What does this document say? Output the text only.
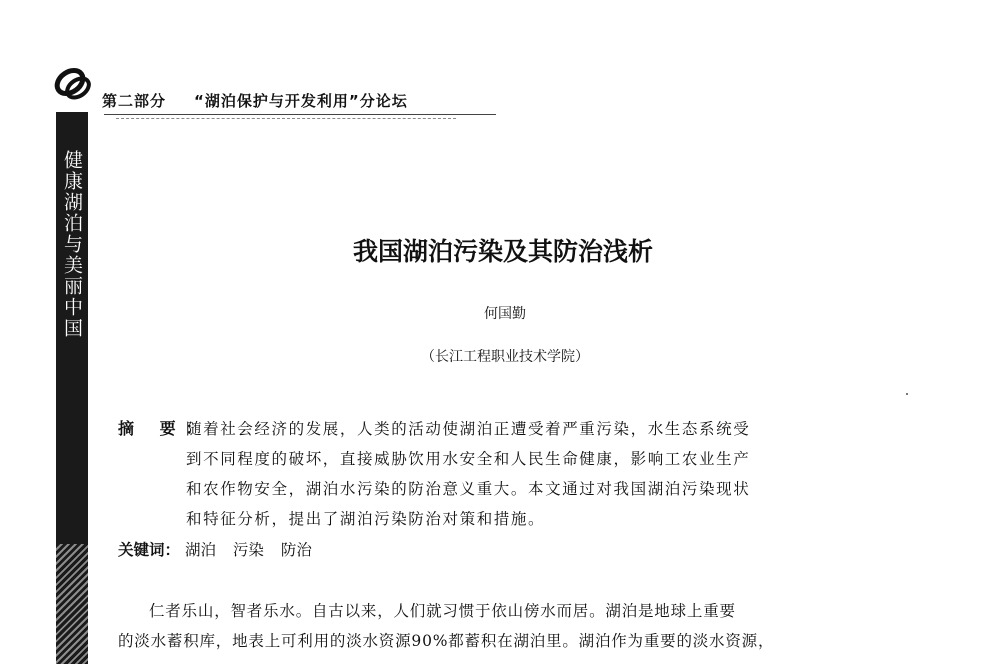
健康湖泊与美丽中国
第二部分 “湖泊保护与开发利用”分论坛
我国湖泊污染及其防治浅析
何国勤
（长江工程职业技术学院）
摘 要：
随着社会经济的发展，人类的活动使湖泊正遭受着严重污染，水生态系统受
到不同程度的破坏，直接威胁饮用水安全和人民生命健康，影响工农业生产
和农作物安全，湖泊水污染的防治意义重大。本文通过对我国湖泊污染现状
和特征分析，提出了湖泊污染防治对策和措施。
关键词： 湖泊 污染 防治
仁者乐山，智者乐水。自古以来，人们就习惯于依山傍水而居。湖泊是地球上重要
的淡水蓄积库，地表上可利用的淡水资源90%都蓄积在湖泊里。湖泊作为重要的淡水资源，
